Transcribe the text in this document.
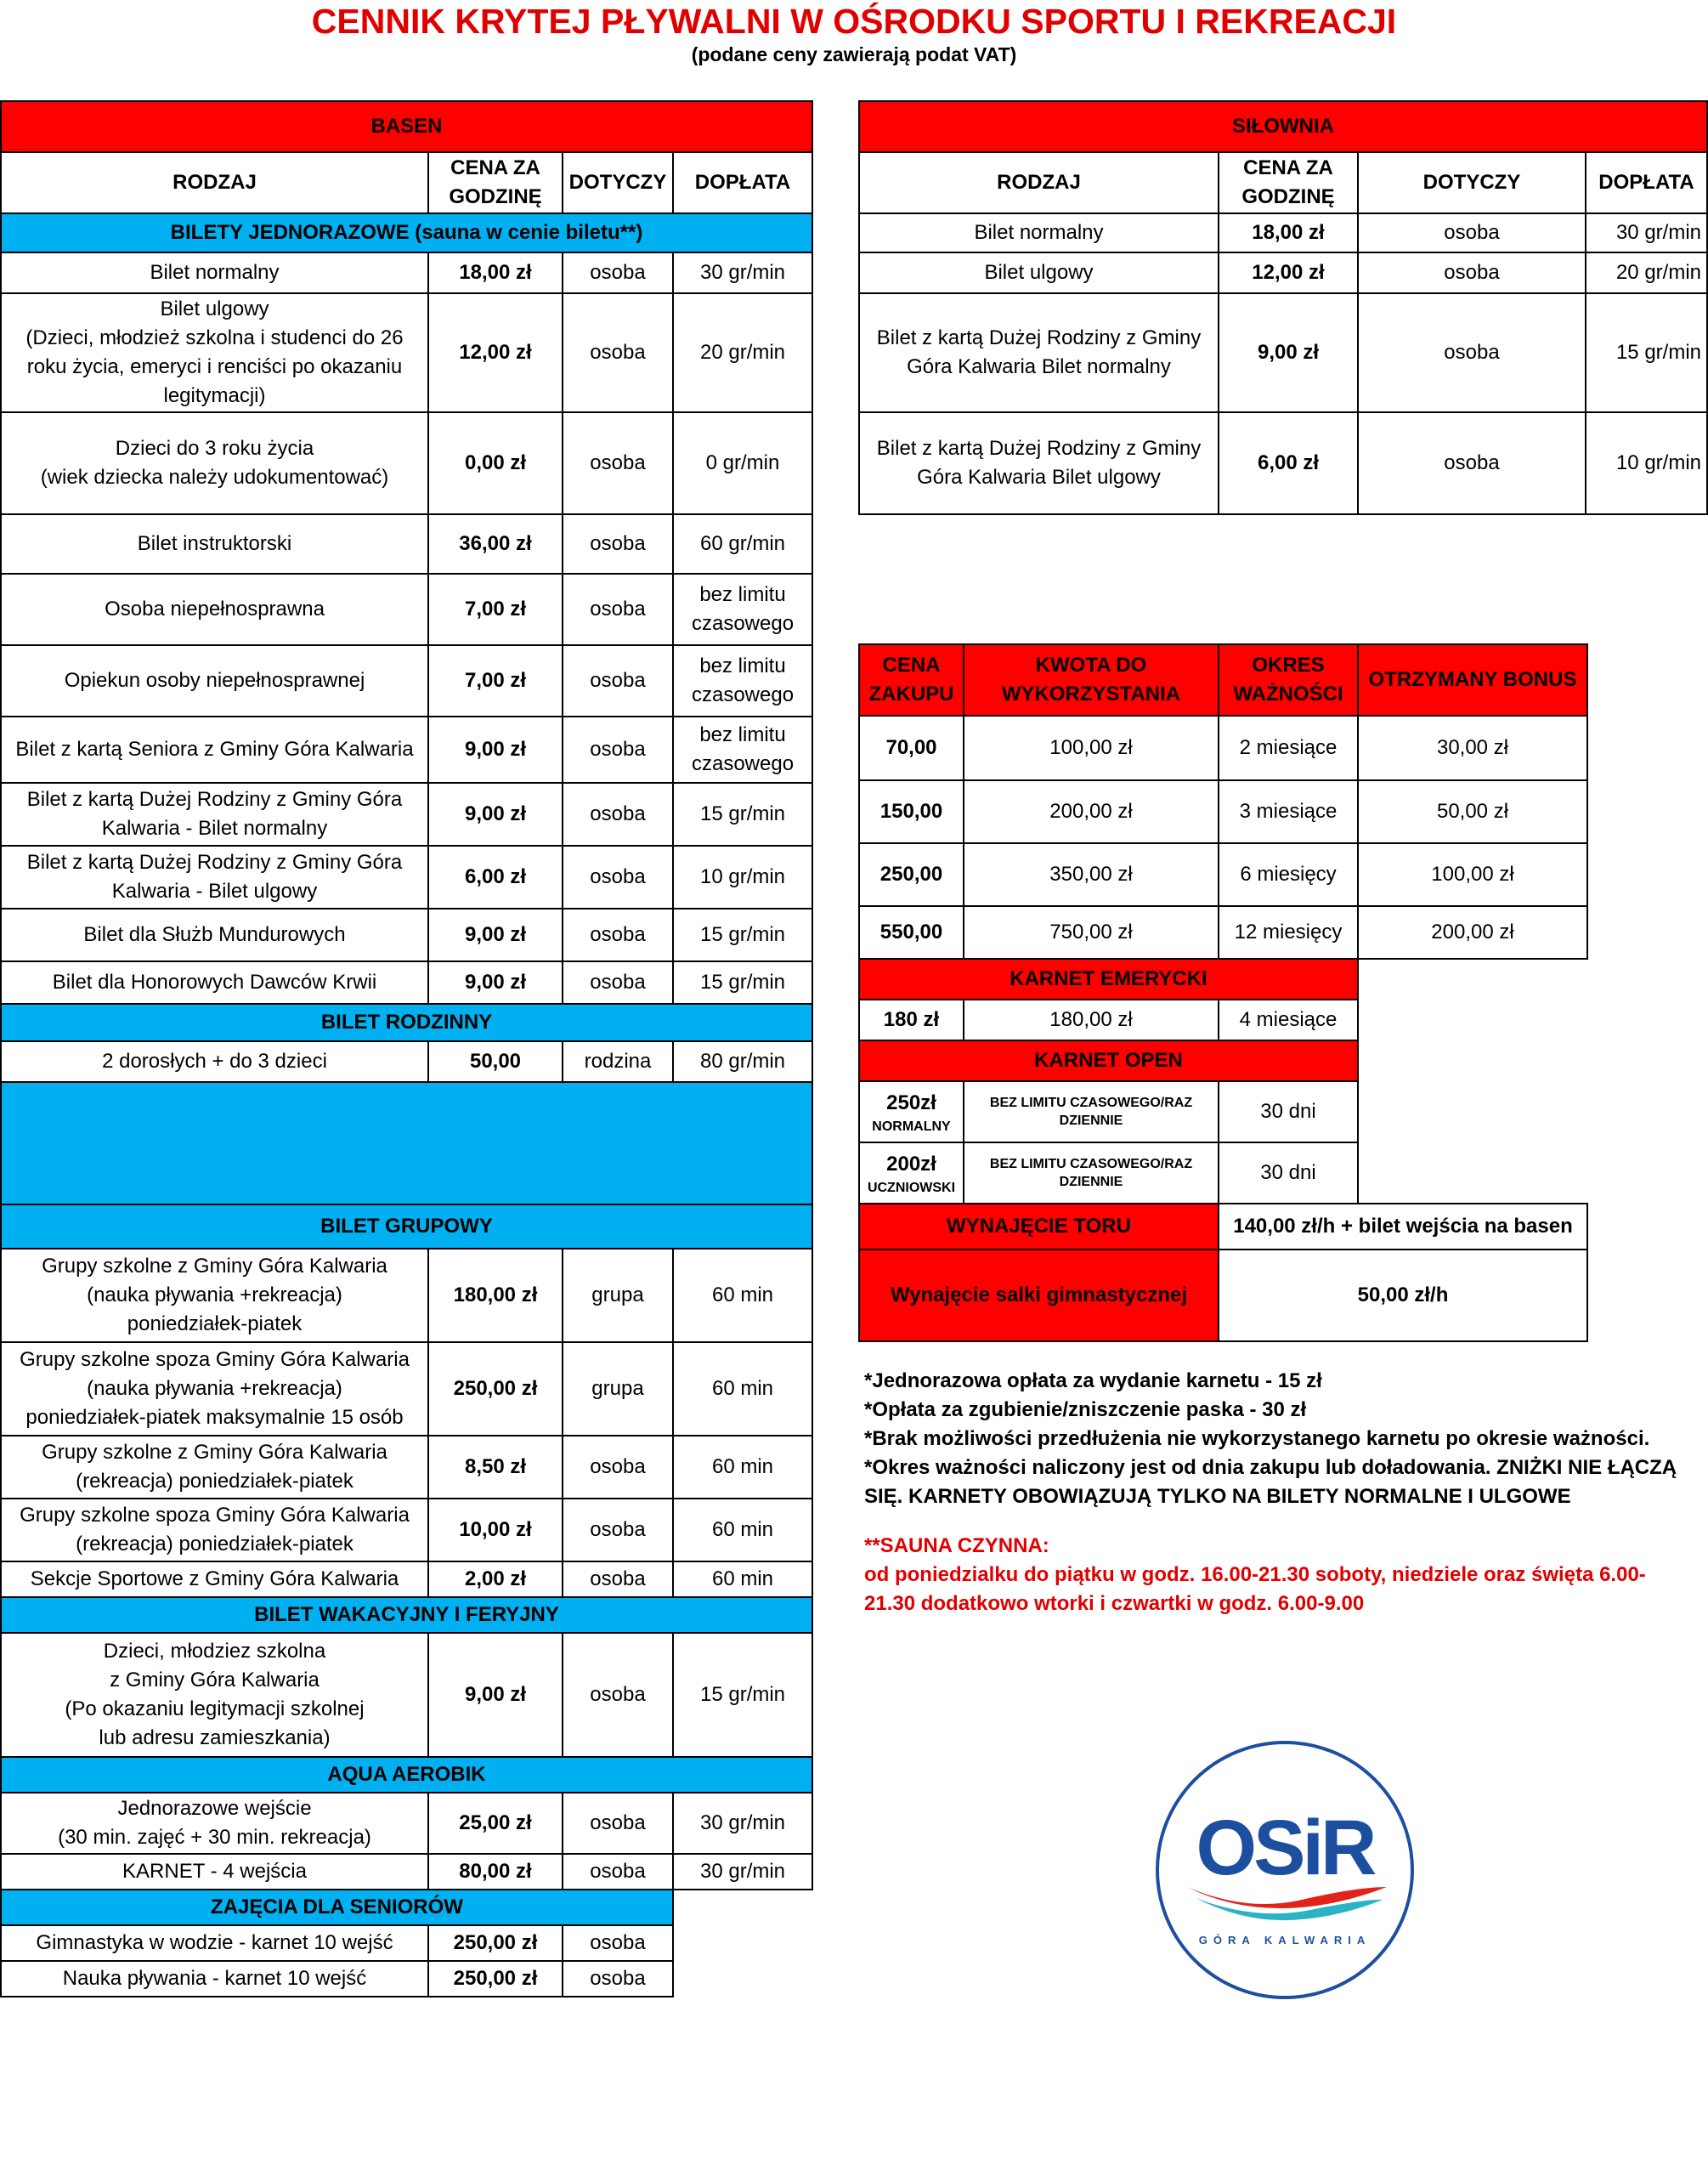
CENNIK KRYTEJ PŁYWALNI W OŚRODKU SPORTU I REKREACJI
(podane ceny zawierają podat VAT)
BASEN			
RODZAJ	CENA ZA GODZINĘ	DOTYCZY	DOPŁATA
BILETY JEDNORAZOWE (sauna w cenie biletu**)			
Bilet normalny	18,00 zł	osoba	30 gr/min
Bilet ulgowy
(Dzieci, młodzież szkolna i studenci do 26 roku życia, emeryci i renciści po okazaniu legitymacji)	12,00 zł	osoba	20 gr/min
Dzieci do 3 roku życia
(wiek dziecka należy udokumentować)	0,00 zł	osoba	0 gr/min
Bilet instruktorski	36,00 zł	osoba	60 gr/min
Osoba niepełnosprawna	7,00 zł	osoba	bez limitu czasowego
Opiekun osoby niepełnosprawnej	7,00 zł	osoba	bez limitu czasowego
Bilet z kartą Seniora z Gminy Góra Kalwaria	9,00 zł	osoba	bez limitu czasowego
Bilet z kartą Dużej Rodziny z Gminy Góra Kalwaria - Bilet normalny	9,00 zł	osoba	15 gr/min
Bilet z kartą Dużej Rodziny z Gminy Góra Kalwaria - Bilet ulgowy	6,00 zł	osoba	10 gr/min
Bilet dla Służb Mundurowych	9,00 zł	osoba	15 gr/min
Bilet dla Honorowych Dawców Krwii	9,00 zł	osoba	15 gr/min
BILET RODZINNY			
2 dorosłych + do 3 dzieci	50,00	rodzina	80 gr/min

BILET GRUPOWY			
Grupy szkolne z Gminy Góra Kalwaria
(nauka pływania +rekreacja)
poniedziałek-piatek	180,00 zł	grupa	60 min
Grupy szkolne spoza Gminy Góra Kalwaria
(nauka pływania +rekreacja)
poniedziałek-piatek maksymalnie 15 osób	250,00 zł	grupa	60 min
Grupy szkolne z Gminy Góra Kalwaria
(rekreacja) poniedziałek-piatek	8,50 zł	osoba	60 min
Grupy szkolne spoza Gminy Góra Kalwaria
(rekreacja) poniedziałek-piatek	10,00 zł	osoba	60 min
Sekcje Sportowe z Gminy Góra Kalwaria	2,00 zł	osoba	60 min
BILET WAKACYJNY I FERYJNY			
Dzieci, młodziez szkolna
z Gminy Góra Kalwaria
(Po okazaniu legitymacji szkolnej
lub adresu zamieszkania)	9,00 zł	osoba	15 gr/min
AQUA AEROBIK			
Jednorazowe wejście
(30 min. zajęć + 30 min. rekreacja)	25,00 zł	osoba	30 gr/min
KARNET - 4 wejścia	80,00 zł	osoba	30 gr/min
ZAJĘCIA DLA SENIORÓW			
Gimnastyka w wodzie - karnet 10 wejść	250,00 zł	osoba	
Nauka pływania - karnet 10 wejść	250,00 zł	osoba	
SIŁOWNIA			
RODZAJ	CENA ZA GODZINĘ	DOTYCZY	DOPŁATA
Bilet normalny	18,00 zł	osoba	30 gr/min
Bilet ulgowy	12,00 zł	osoba	20 gr/min
Bilet z kartą Dużej Rodziny z Gminy Góra Kalwaria Bilet normalny	9,00 zł	osoba	15 gr/min
Bilet z kartą Dużej Rodziny z Gminy Góra Kalwaria Bilet ulgowy	6,00 zł	osoba	10 gr/min
CENA ZAKUPU	KWOTA DO WYKORZYSTANIA	OKRES WAŻNOŚCI	OTRZYMANY BONUS
70,00	100,00 zł	2 miesiące	30,00 zł
150,00	200,00 zł	3 miesiące	50,00 zł
250,00	350,00 zł	6 miesięcy	100,00 zł
550,00	750,00 zł	12 miesięcy	200,00 zł
KARNET EMERYCKI			
180 zł	180,00 zł	4 miesiące	
KARNET OPEN			

250zł
NORMALNY	BEZ LIMITU CZASOWEGO/RAZ DZIENNIE	30 dni	

200zł
UCZNIOWSKI	BEZ LIMITU CZASOWEGO/RAZ DZIENNIE	30 dni	
WYNAJĘCIE TORU		140,00 zł/h + bilet wejścia na basen	
Wynajęcie salki gimnastycznej		50,00 zł/h	
*Jednorazowa opłata za wydanie karnetu - 15 zł
*Opłata za zgubienie/zniszczenie paska - 30 zł
*Brak możliwości przedłużenia nie wykorzystanego karnetu po okresie ważności.
*Okres ważności naliczony jest od dnia zakupu lub doładowania. ZNIŻKI NIE ŁĄCZĄ SIĘ. KARNETY OBOWIĄZUJĄ TYLKO NA BILETY NORMALNE I ULGOWE
**SAUNA CZYNNA:
od poniedzialku do piątku w godz. 16.00-21.30 soboty, niedziele oraz święta 6.00-21.30 dodatkowo wtorki i czwartki w godz. 6.00-9.00
OSiR
GÓRA KALWARIA
